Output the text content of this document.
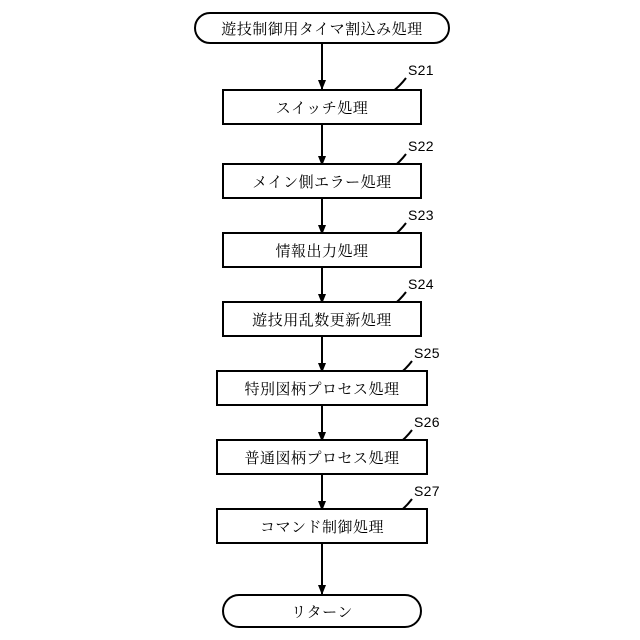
遊技制御用タイマ割込み処理
スイッチ処理
S21
メイン側エラー処理
S22
情報出力処理
S23
遊技用乱数更新処理
S24
特別図柄プロセス処理
S25
普通図柄プロセス処理
S26
コマンド制御処理
S27
リターン
